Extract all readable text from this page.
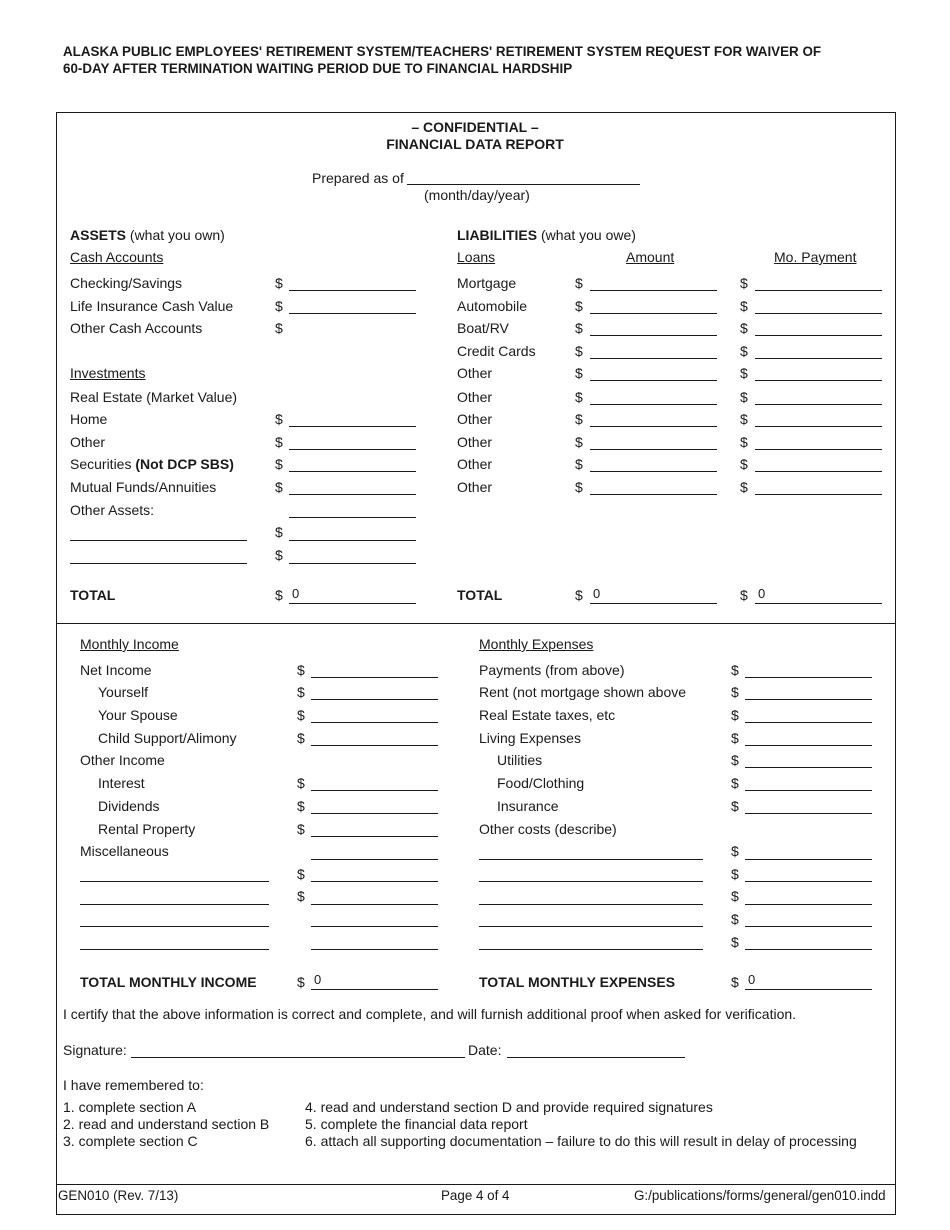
ALASKA PUBLIC EMPLOYEES' RETIREMENT SYSTEM/TEACHERS' RETIREMENT SYSTEM REQUEST FOR WAIVER OF
60-DAY AFTER TERMINATION WAITING PERIOD DUE TO FINANCIAL HARDSHIP
– CONFIDENTIAL –
FINANCIAL DATA REPORT
Prepared as of
(month/day/year)
ASSETS (what you own)
Cash Accounts
Checking/Savings	$
Life Insurance Cash Value	$
Other Cash Accounts	$
Investments
Real Estate (Market Value)
Home	$
Other	$
Securities (Not DCP SBS)	$
Mutual Funds/Annuities	$
Other Assets:
$
$
TOTAL	$ 0
LIABILITIES (what you owe)
Loans	Amount	Mo. Payment
Mortgage	$	$
Automobile	$	$
Boat/RV	$	$
Credit Cards	$	$
Other	$	$
Other	$	$
Other	$	$
Other	$	$
Other	$	$
Other	$	$
TOTAL	$ 0	$ 0
Monthly Income
Net Income	$
Yourself	$
Your Spouse	$
Child Support/Alimony	$
Other Income
Interest	$
Dividends	$
Rental Property	$
Miscellaneous
$
$
TOTAL MONTHLY INCOME	$ 0
Monthly Expenses
Payments (from above)	$
Rent (not mortgage shown above	$
Real Estate taxes, etc	$
Living Expenses	$
Utilities	$
Food/Clothing	$
Insurance	$
Other costs (describe)
$
$
$
$
$
TOTAL MONTHLY EXPENSES	$ 0
I certify that the above information is correct and complete, and will furnish additional proof when asked for verification.
Signature:	Date:
I have remembered to:
1. complete section A
2. read and understand section B
3. complete section C
4. read and understand section D and provide required signatures
5. complete the financial data report
6. attach all supporting documentation – failure to do this will result in delay of processing
GEN010 (Rev. 7/13)	Page 4 of 4	G:/publications/forms/general/gen010.indd
